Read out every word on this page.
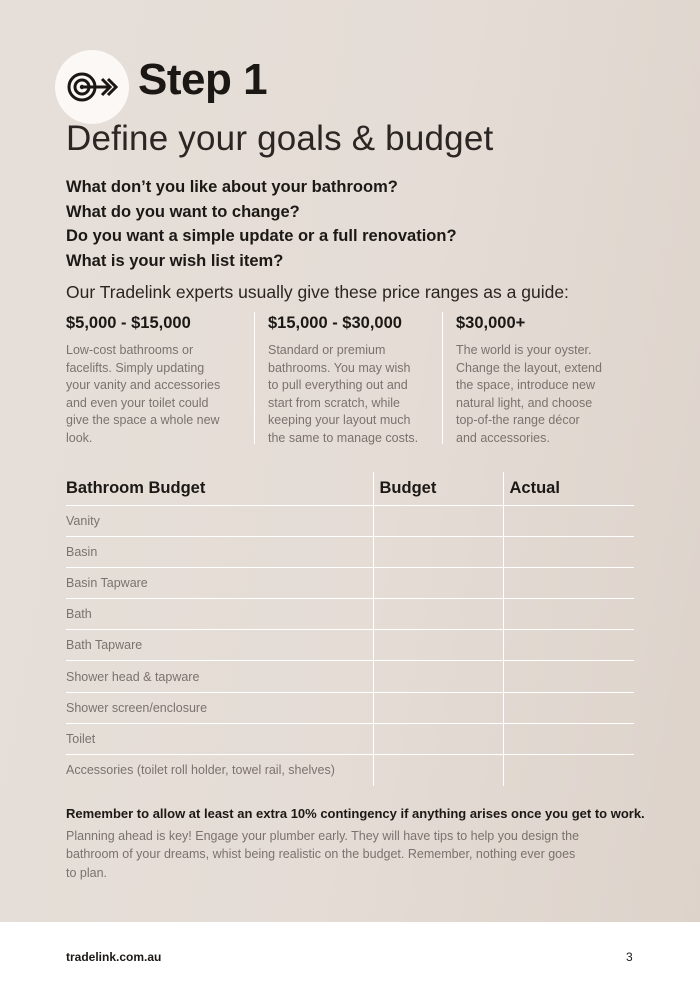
Step 1
Define your goals & budget
What don’t you like about your bathroom?
What do you want to change?
Do you want a simple update or a full renovation?
What is your wish list item?
Our Tradelink experts usually give these price ranges as a guide:
$5,000 - $15,000
Low-cost bathrooms or
facelifts. Simply updating
your vanity and accessories
and even your toilet could
give the space a whole new
look.
$15,000 - $30,000
Standard or premium
bathrooms. You may wish
to pull everything out and
start from scratch, while
keeping your layout much
the same to manage costs.
$30,000+
The world is your oyster.
Change the layout, extend
the space, introduce new
natural light, and choose
top-of-the range décor
and accessories.
Bathroom Budget	Budget	Actual
Vanity		
Basin		
Basin Tapware		
Bath		
Bath Tapware		
Shower head & tapware		
Shower screen/enclosure		
Toilet		
Accessories (toilet roll holder, towel rail, shelves)		
Remember to allow at least an extra 10% contingency if anything arises once you get to work.
Planning ahead is key! Engage your plumber early. They will have tips to help you design the
bathroom of your dreams, whist being realistic on the budget. Remember, nothing ever goes
to plan.
tradelink.com.au	3
